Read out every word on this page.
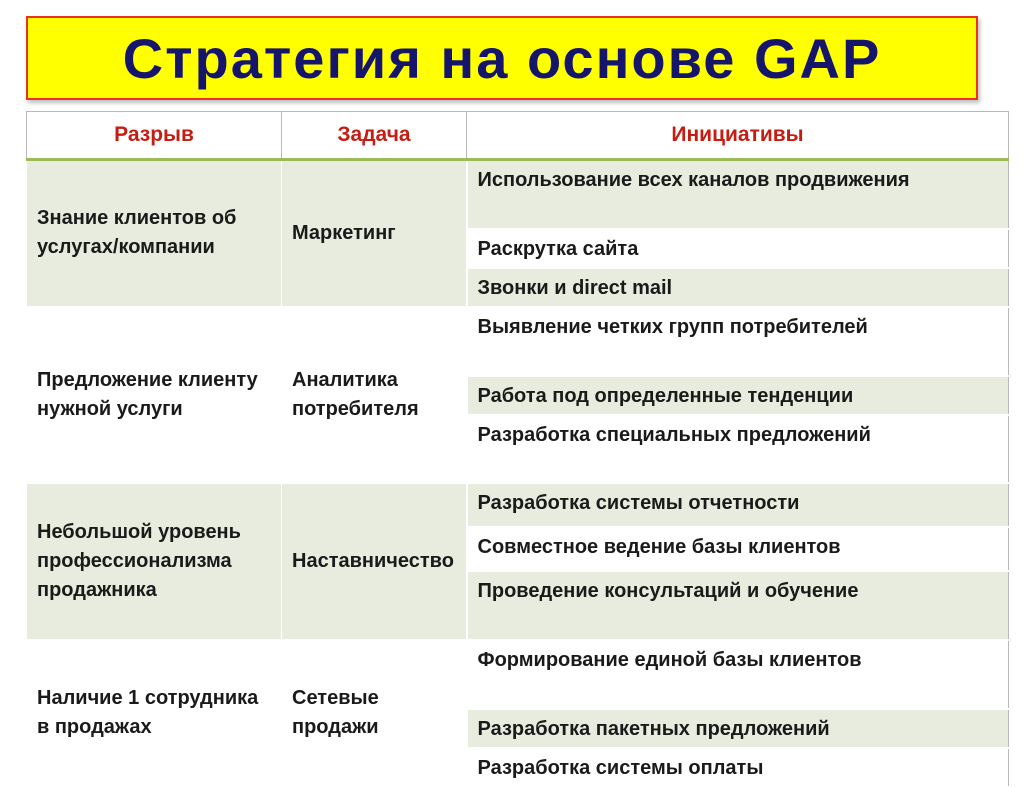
Стратегия на основе GAP
Разрыв	Задача	Инициативы
Знание клиентов об услугах/компании	Маркетинг	Использование всех каналов продвижения
		Раскрутка сайта
		Звонки и direct mail
Предложение клиенту нужной услуги	Аналитика потребителя	Выявление четких групп потребителей
		Работа под определенные тенденции
		Разработка специальных предложений
Небольшой уровень профессионализма продажника	Наставничество	Разработка системы отчетности
		Совместное ведение базы клиентов
		Проведение консультаций и обучение
Наличие 1 сотрудника в продажах	Сетевые продажи	Формирование единой базы клиентов
		Разработка пакетных предложений
		Разработка системы оплаты
